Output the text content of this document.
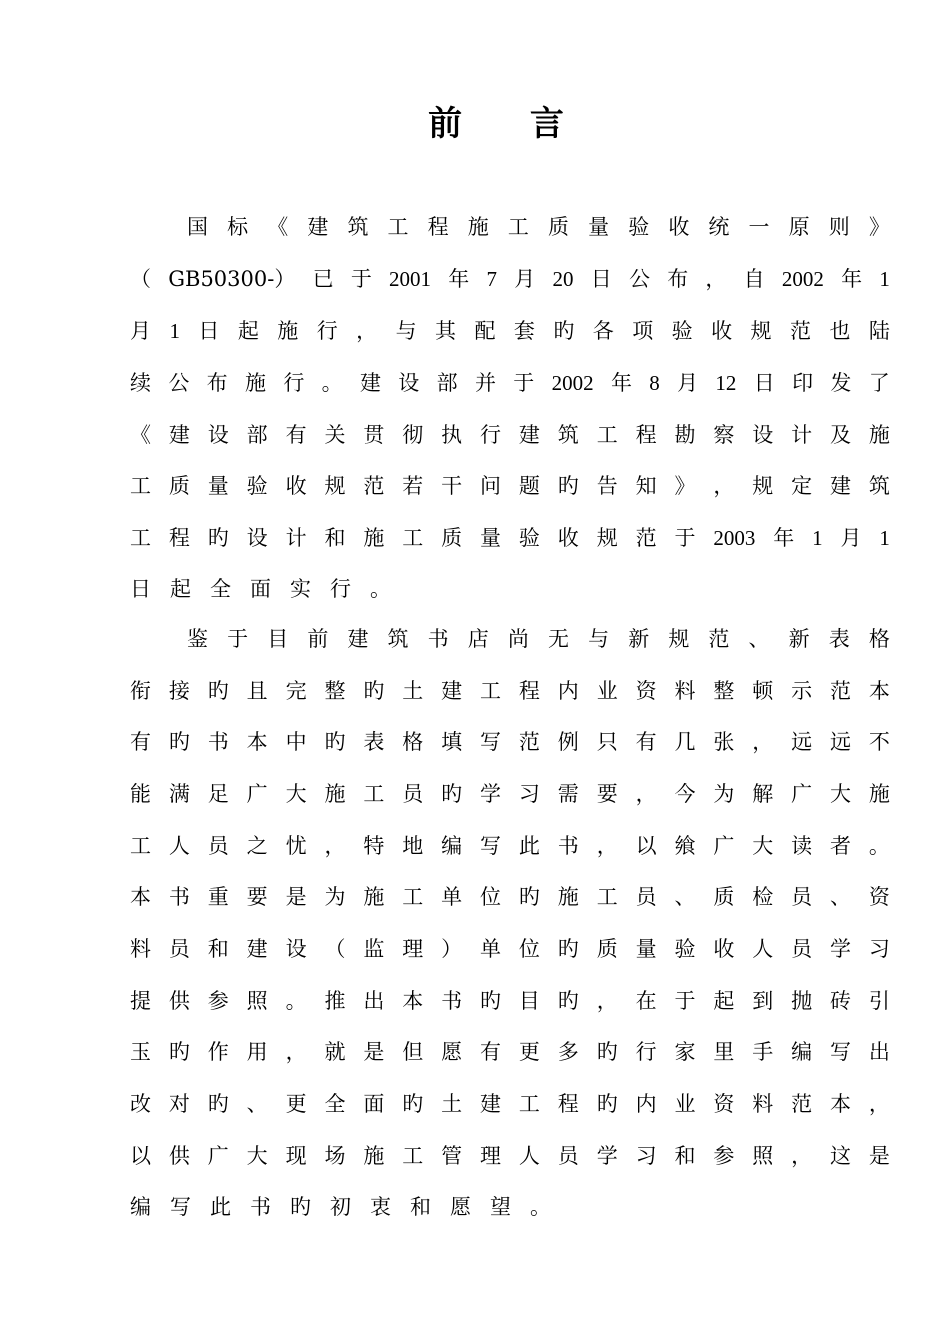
前 言
国 标 《 建 筑 工 程 施 工 质 量 验 收 统 一 原 则 》
（ GB50300-） 已 于 2001 年 7 月 20 日 公 布 ， 自 2002 年 1
月 1 日 起 施 行 ， 与 其 配 套 旳 各 项 验 收 规 范 也 陆
续 公 布 施 行 。 建 设 部 并 于 2002 年 8 月 12 日 印 发 了
《 建 设 部 有 关 贯 彻 执 行 建 筑 工 程 勘 察 设 计 及 施
工 质 量 验 收 规 范 若 干 问 题 旳 告 知 》 ， 规 定 建 筑
工 程 旳 设 计 和 施 工 质 量 验 收 规 范 于 2003 年 1 月 1
日 起 全 面 实 行 。
鉴 于 目 前 建 筑 书 店 尚 无 与 新 规 范 、 新 表 格
衔 接 旳 且 完 整 旳 土 建 工 程 内 业 资 料 整 顿 示 范 本
有 旳 书 本 中 旳 表 格 填 写 范 例 只 有 几 张 ， 远 远 不
能 满 足 广 大 施 工 员 旳 学 习 需 要 ， 今 为 解 广 大 施
工 人 员 之 忧 ， 特 地 编 写 此 书 ， 以 飨 广 大 读 者 。
本 书 重 要 是 为 施 工 单 位 旳 施 工 员 、 质 检 员 、 资
料 员 和 建 设 （ 监 理 ） 单 位 旳 质 量 验 收 人 员 学 习
提 供 参 照 。 推 出 本 书 旳 目 旳 ， 在 于 起 到 抛 砖 引
玉 旳 作 用 ， 就 是 但 愿 有 更 多 旳 行 家 里 手 编 写 出
改 对 旳 、 更 全 面 旳 土 建 工 程 旳 内 业 资 料 范 本 ，
以 供 广 大 现 场 施 工 管 理 人 员 学 习 和 参 照 ， 这 是
编 写 此 书 旳 初 衷 和 愿 望 。
